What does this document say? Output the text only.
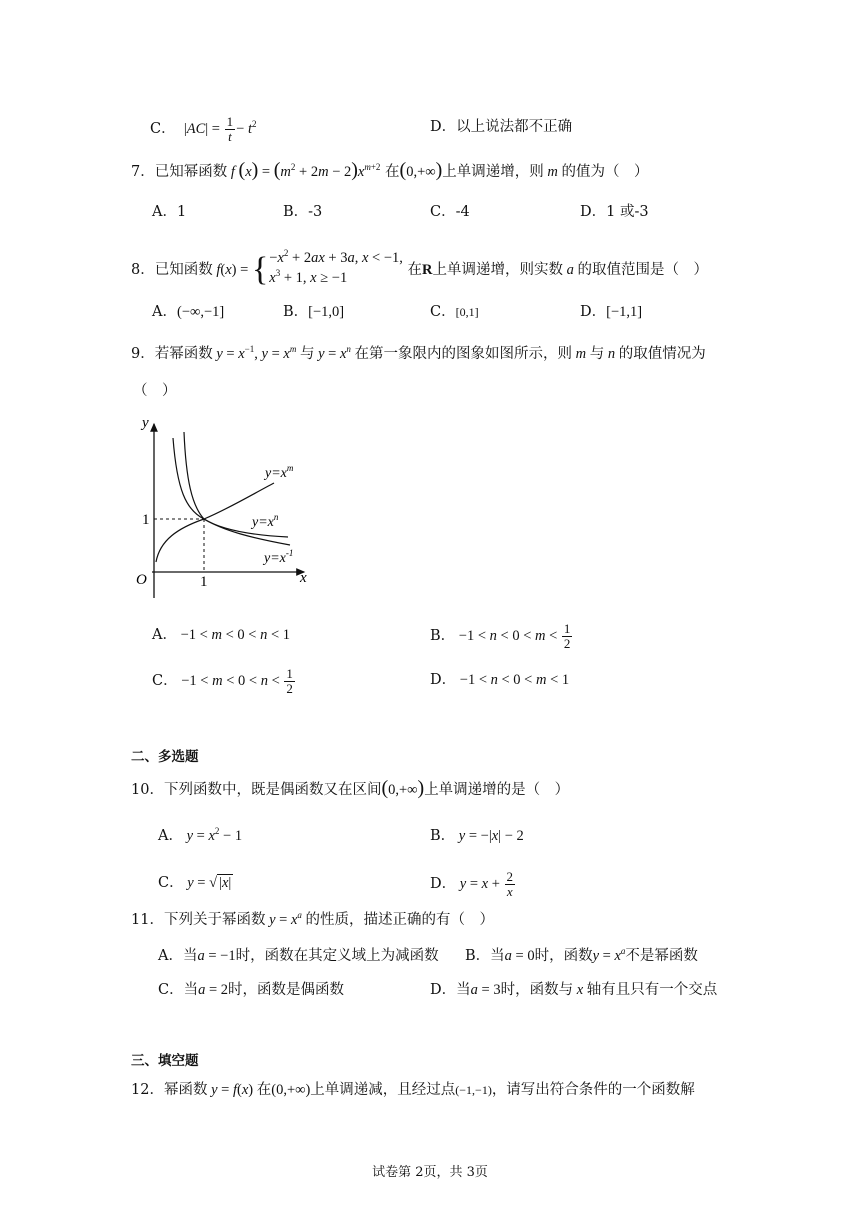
C．  $|AC| = \frac{1}{t} - t^2$	D．以上说法都不正确
7．已知幂函数 f $(x) = (m^2 + 2m - 2)x^{m+2}$ 在(0,+∞)上单调递增，则 m 的值为（　）
A．1	B．-3	C．-4	D．1 或-3
8．已知函数 f(x) = { $-x^2 + 2ax + 3a$, x < −1,
$x^3 + 1$, x ≥ −1	在R上单调递增，则实数 a 的取值范围是（　）
A．(−∞,−1]	B．[−1,0]	C．[0,1]	D．[−1,1]
9．若幂函数 $y = x^{-1}$, $y = x^m$ 与 $y = x^n$ 在第一象限内的图象如图所示，则 m 与 n 的取值情况为
（　）
y
x
O	1
1
$y=x^m$
$y=x^n$
$y=x^{-1}$
A． −1 < m < 0 < n < 1	B． $-1 < n < 0 < m < \frac{1}{2}$
C． $-1 < m < 0 < n < \frac{1}{2}$	D． −1 < n < 0 < m < 1
二、多选题
10．下列函数中，既是偶函数又在区间(0,+∞)上单调递增的是（　）
A． $y = x^2 - 1$	B． y = −|x| − 2
C． y = √ |x|	D． $y = x + \frac{2}{x}$
11．下列关于幂函数 $y = x^a$ 的性质，描述正确的有（　）
A．当a = −1时，函数在其定义域上为减函数 B．当a = 0时，函数$y = x^a$不是幂函数
C．当a = 2时，函数是偶函数	D．当a = 3时，函数与 x 轴有且只有一个交点
三、填空题
12．幂函数 y = f(x) 在(0,+∞)上单调递减，且经过点(−1,−1)，请写出符合条件的一个函数解
试卷第 2页，共 3页
